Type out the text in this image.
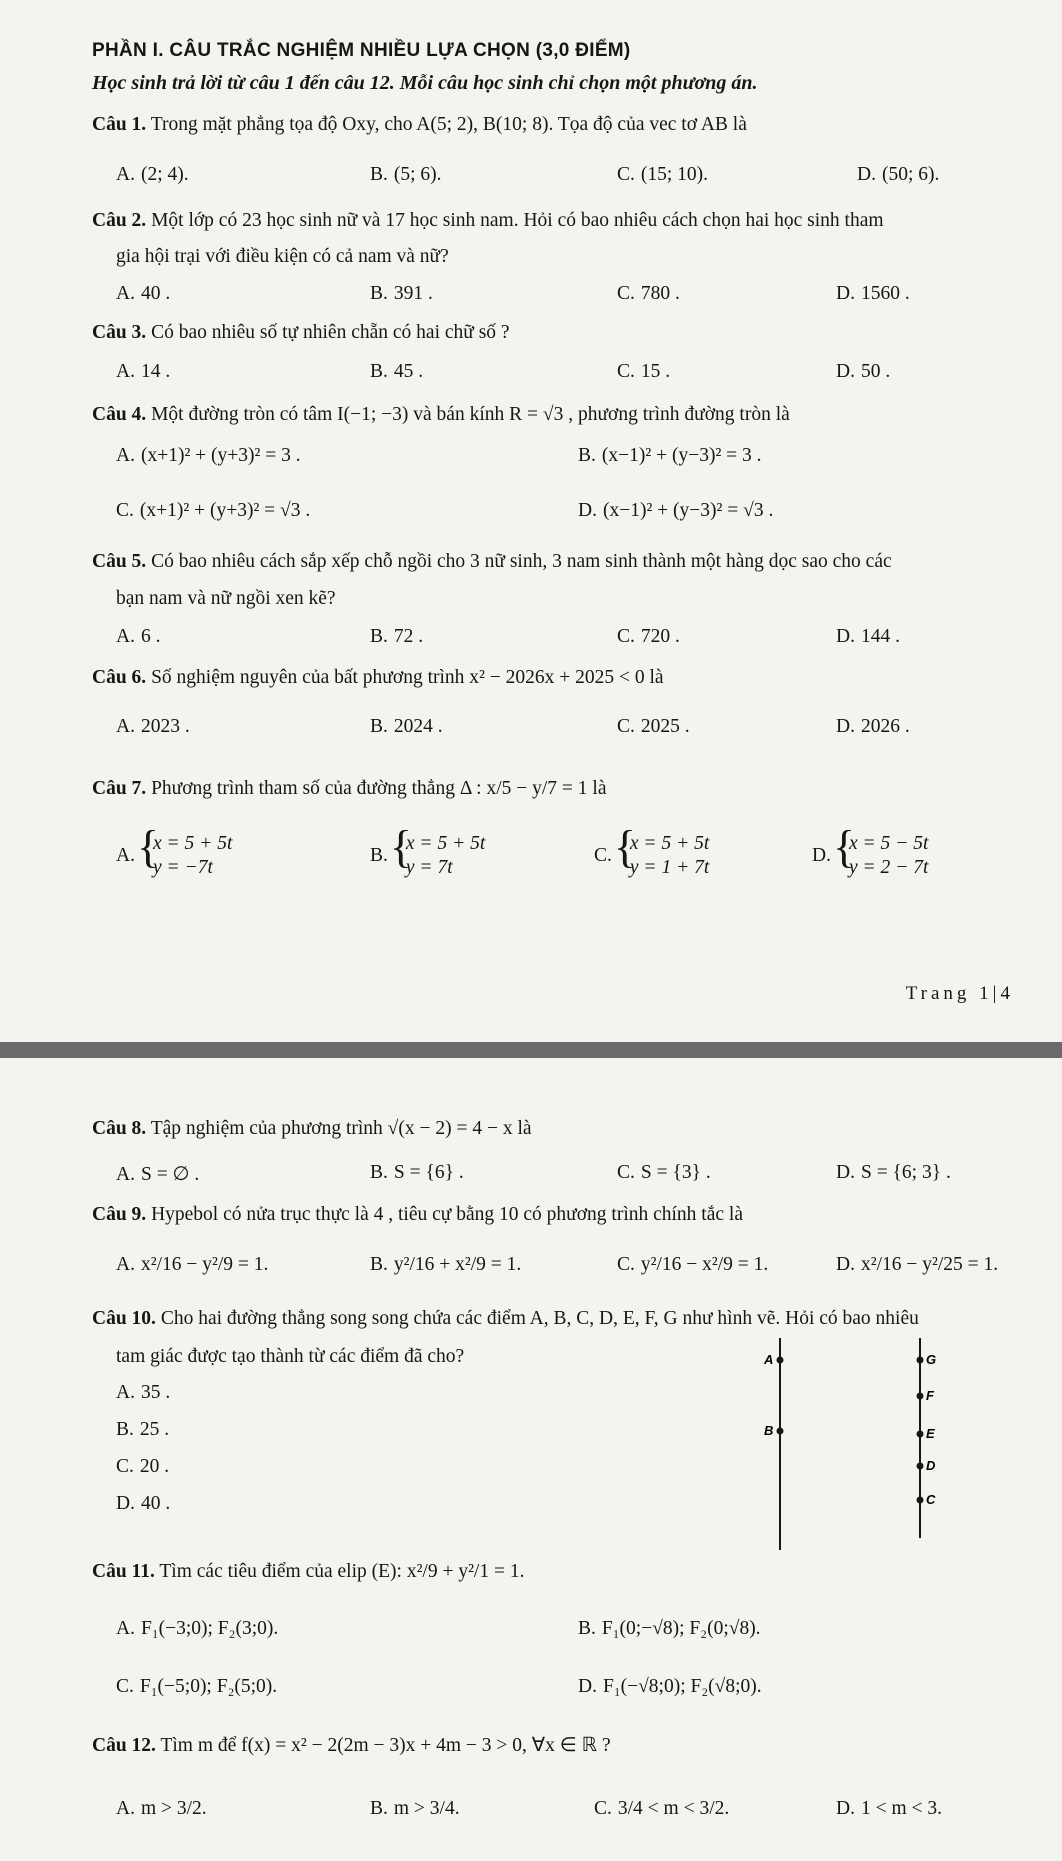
PHẦN I. CÂU TRẮC NGHIỆM NHIỀU LỰA CHỌN (3,0 ĐIỂM)
Học sinh trả lời từ câu 1 đến câu 12. Mỗi câu học sinh chỉ chọn một phương án.
Câu 1. Trong mặt phẳng tọa độ Oxy, cho A(5; 2), B(10; 8). Tọa độ của vec tơ AB là
A. (2; 4).	B. (5; 6).	C. (15; 10).	D. (50; 6).
Câu 2. Một lớp có 23 học sinh nữ và 17 học sinh nam. Hỏi có bao nhiêu cách chọn hai học sinh tham
gia hội trại với điều kiện có cả nam và nữ?
A. 40 .	B. 391 .	C. 780 .	D. 1560 .
Câu 3. Có bao nhiêu số tự nhiên chẵn có hai chữ số ?
A. 14 .	B. 45 .	C. 15 .	D. 50 .
Câu 4. Một đường tròn có tâm I(−1; −3) và bán kính R = √3 , phương trình đường tròn là
A. (x+1)² + (y+3)² = 3 .	B. (x−1)² + (y−3)² = 3 .
C. (x+1)² + (y+3)² = √3 .	D. (x−1)² + (y−3)² = √3 .
Câu 5. Có bao nhiêu cách sắp xếp chỗ ngồi cho 3 nữ sinh, 3 nam sinh thành một hàng dọc sao cho các
bạn nam và nữ ngồi xen kẽ?
A. 6 .	B. 72 .	C. 720 .	D. 144 .
Câu 6. Số nghiệm nguyên của bất phương trình x² − 2026x + 2025 < 0 là
A. 2023 .	B. 2024 .	C. 2025 .	D. 2026 .
Câu 7. Phương trình tham số của đường thẳng Δ : x/5 − y/7 = 1 là
A.
{ x = 5 + 5t
y = −7t
B.
{ x = 5 + 5t
y = 7t
C.
{ x = 5 + 5t
y = 1 + 7t
D.
{ x = 5 − 5t
y = 2 − 7t
Trang 1|4
Câu 8. Tập nghiệm của phương trình √(x − 2) = 4 − x là
A. S = ∅ .	B. S = {6} .	C. S = {3} .	D. S = {6; 3} .
Câu 9. Hypebol có nửa trục thực là 4 , tiêu cự bằng 10 có phương trình chính tắc là
A. x²/16 − y²/9 = 1.	B. y²/16 + x²/9 = 1.	C. y²/16 − x²/9 = 1.	D. x²/16 − y²/25 = 1.
Câu 10. Cho hai đường thẳng song song chứa các điểm A, B, C, D, E, F, G như hình vẽ. Hỏi có bao nhiêu
tam giác được tạo thành từ các điểm đã cho?
A. 35 .
B. 25 .
C. 20 .
D. 40 .
A
B
G
F
E
D
C
Câu 11. Tìm các tiêu điểm của elip (E): x²/9 + y²/1 = 1.
A. F₁(−3;0); F₂(3;0).	B. F₁(0;−√8); F₂(0;√8).
C. F₁(−5;0); F₂(5;0).	D. F₁(−√8;0); F₂(√8;0).
Câu 12. Tìm m để f(x) = x² − 2(2m − 3)x + 4m − 3 > 0, ∀x ∈ ℝ ?
A. m > 3/2.	B. m > 3/4.	C. 3/4 < m < 3/2.	D. 1 < m < 3.
